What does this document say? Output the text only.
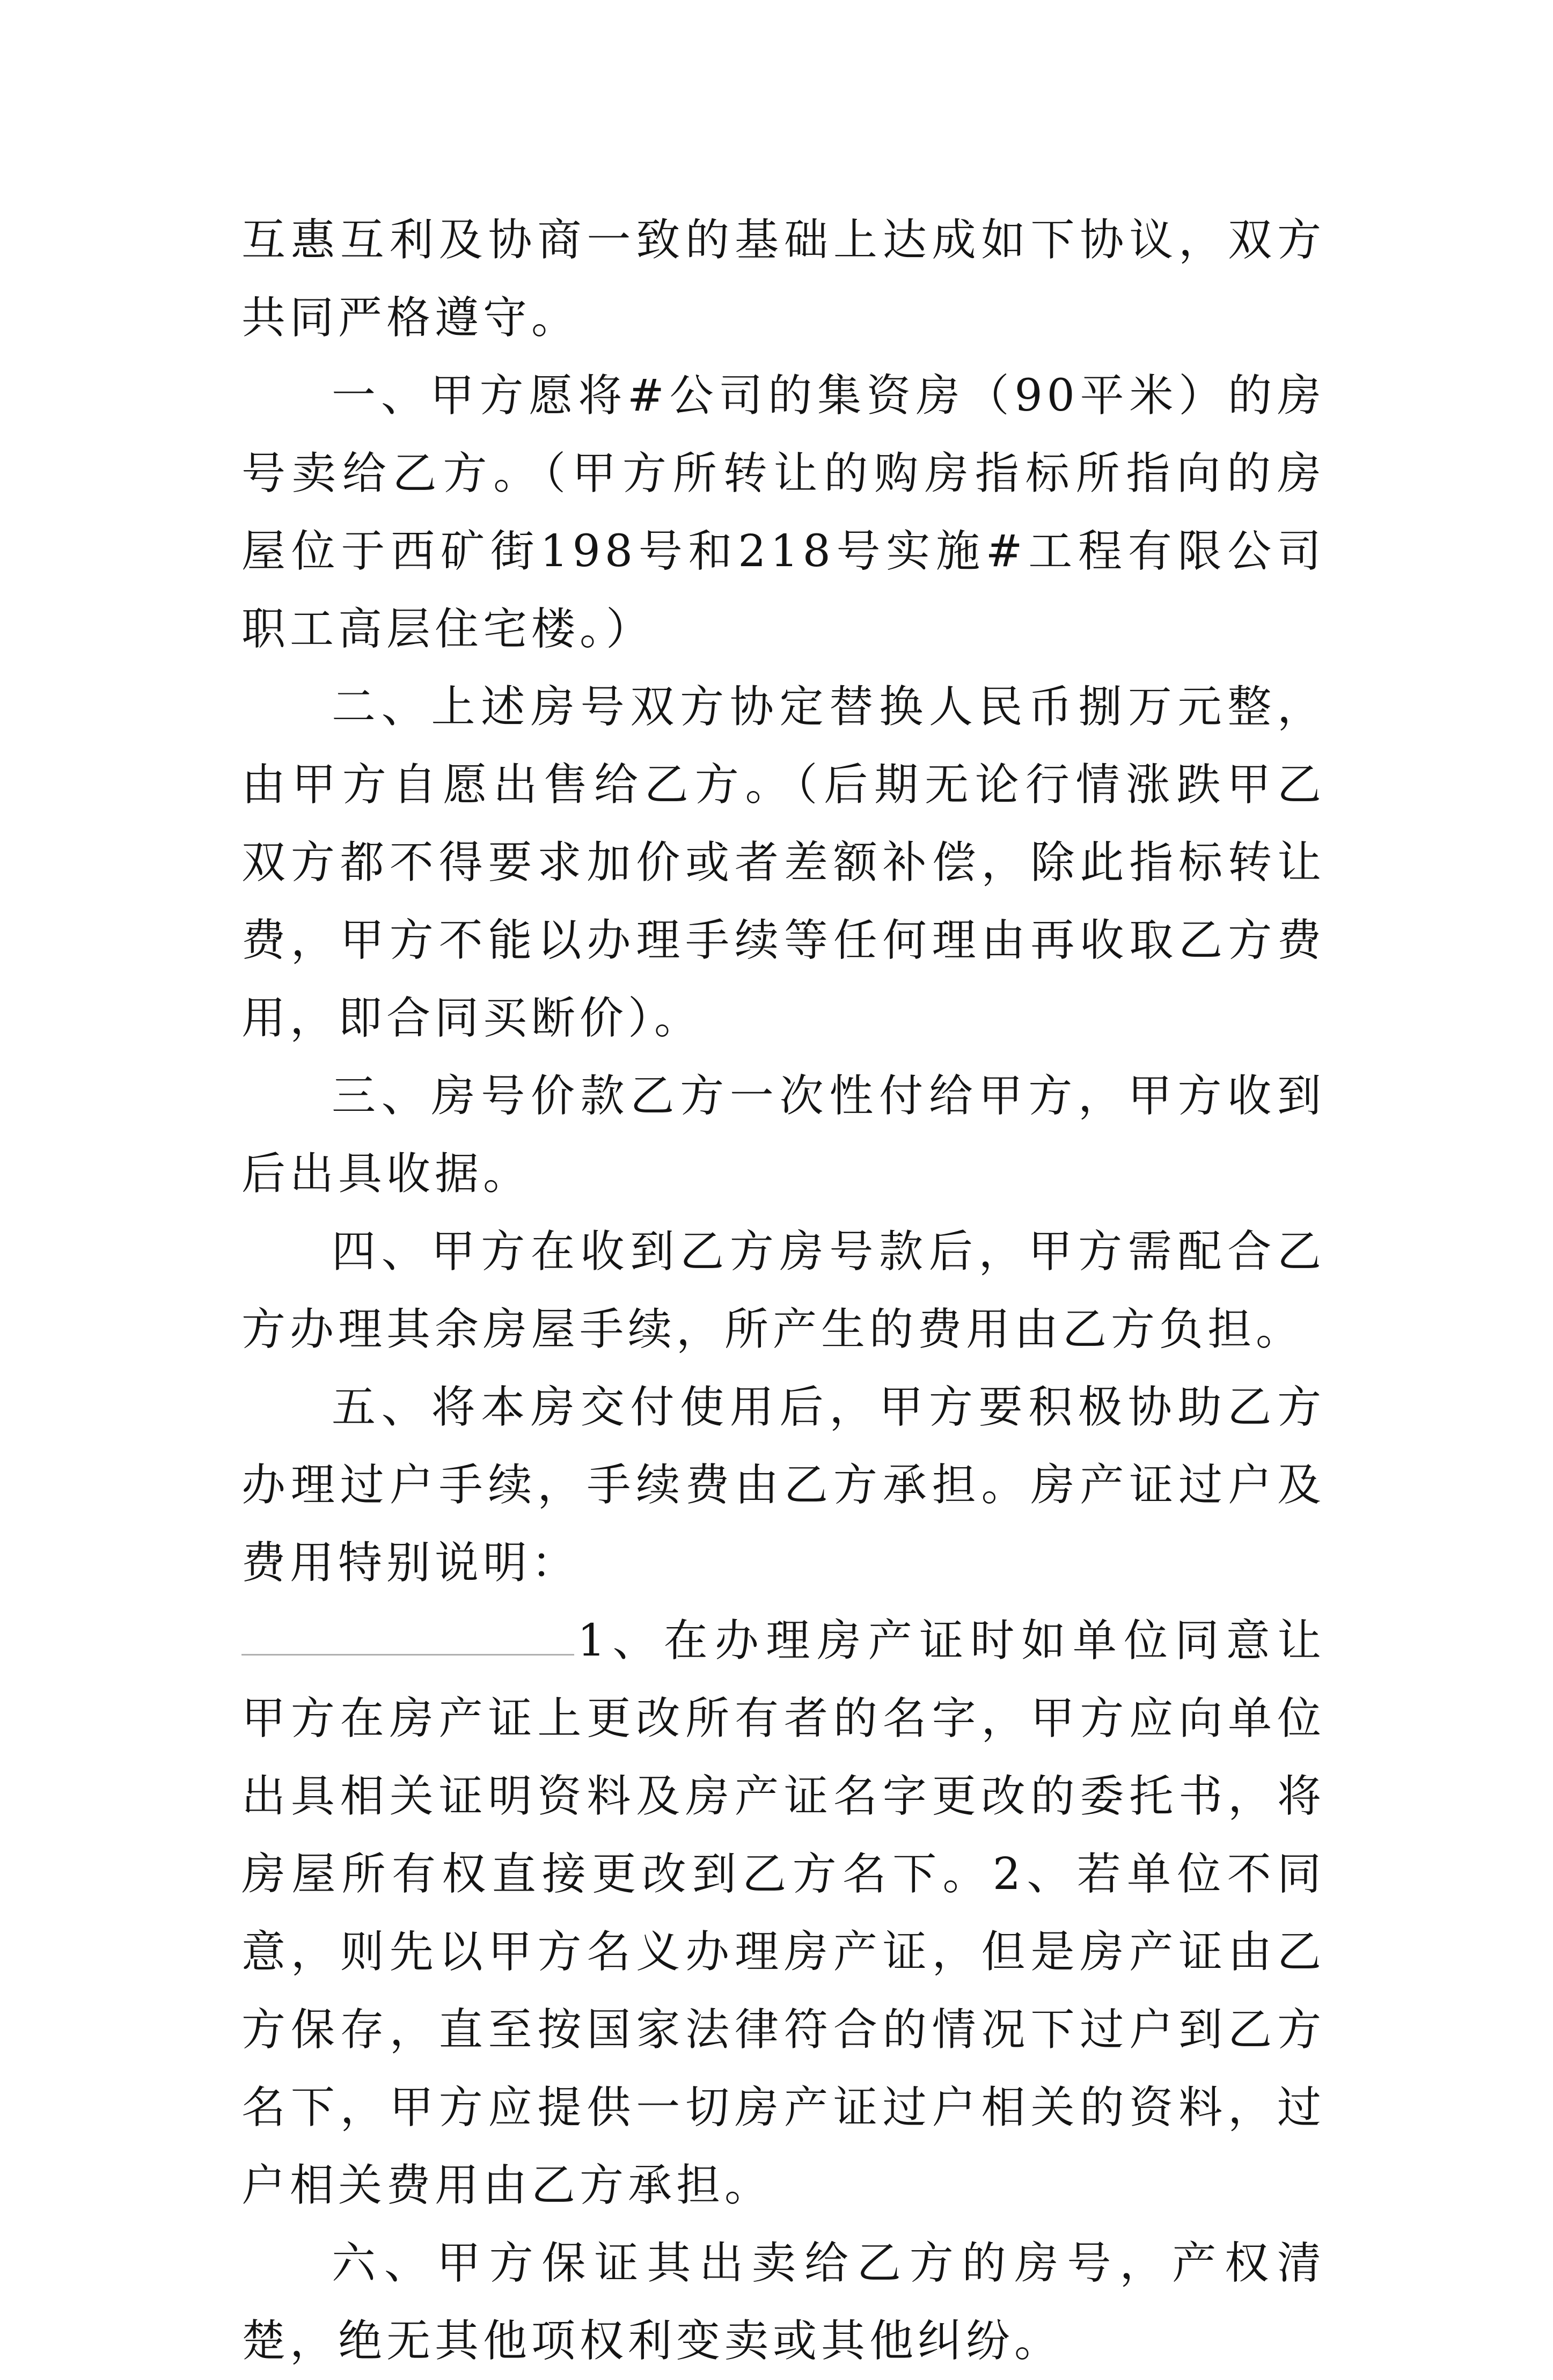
互惠互利及协商一致的基础上达成如下协议，双方共同严格遵守。

一、甲方愿将#公司的集资房（90平米）的房号卖给乙方。（甲方所转让的购房指标所指向的房屋位于西矿街198号和218号实施#工程有限公司职工高层住宅楼。）

二、上述房号双方协定替换人民币捌万元整，由甲方自愿出售给乙方。（后期无论行情涨跌甲乙双方都不得要求加价或者差额补偿，除此指标转让费，甲方不能以办理手续等任何理由再收取乙方费用，即合同买断价）。

三、房号价款乙方一次性付给甲方，甲方收到后出具收据。

四、甲方在收到乙方房号款后，甲方需配合乙方办理其余房屋手续，所产生的费用由乙方负担。

五、将本房交付使用后，甲方要积极协助乙方办理过户手续，手续费由乙方承担。房产证过户及费用特别说明：

1、在办理房产证时如单位同意让甲方在房产证上更改所有者的名字，甲方应向单位出具相关证明资料及房产证名字更改的委托书，将房屋所有权直接更改到乙方名下。2、若单位不同意，则先以甲方名义办理房产证，但是房产证由乙方保存，直至按国家法律符合的情况下过户到乙方名下，甲方应提供一切房产证过户相关的资料，过户相关费用由乙方承担。

六、甲方保证其出卖给乙方的房号，产权清楚，绝无其他项权利变卖或其他纠纷。
